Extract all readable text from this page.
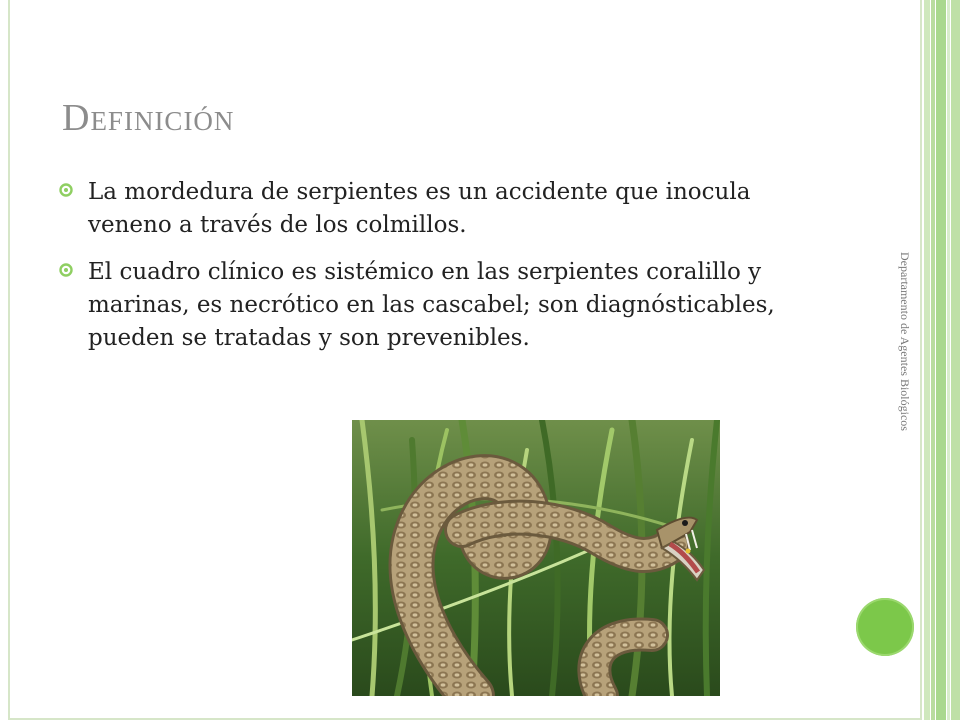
Definición
La mordedura de serpientes es un accidente que inocula veneno a través de los colmillos.
El cuadro clínico es sistémico en las serpientes coralillo y marinas, es necrótico en las cascabel; son diagnósticables, pueden se tratadas y son prevenibles.	Departamento de Agentes Biológicos
